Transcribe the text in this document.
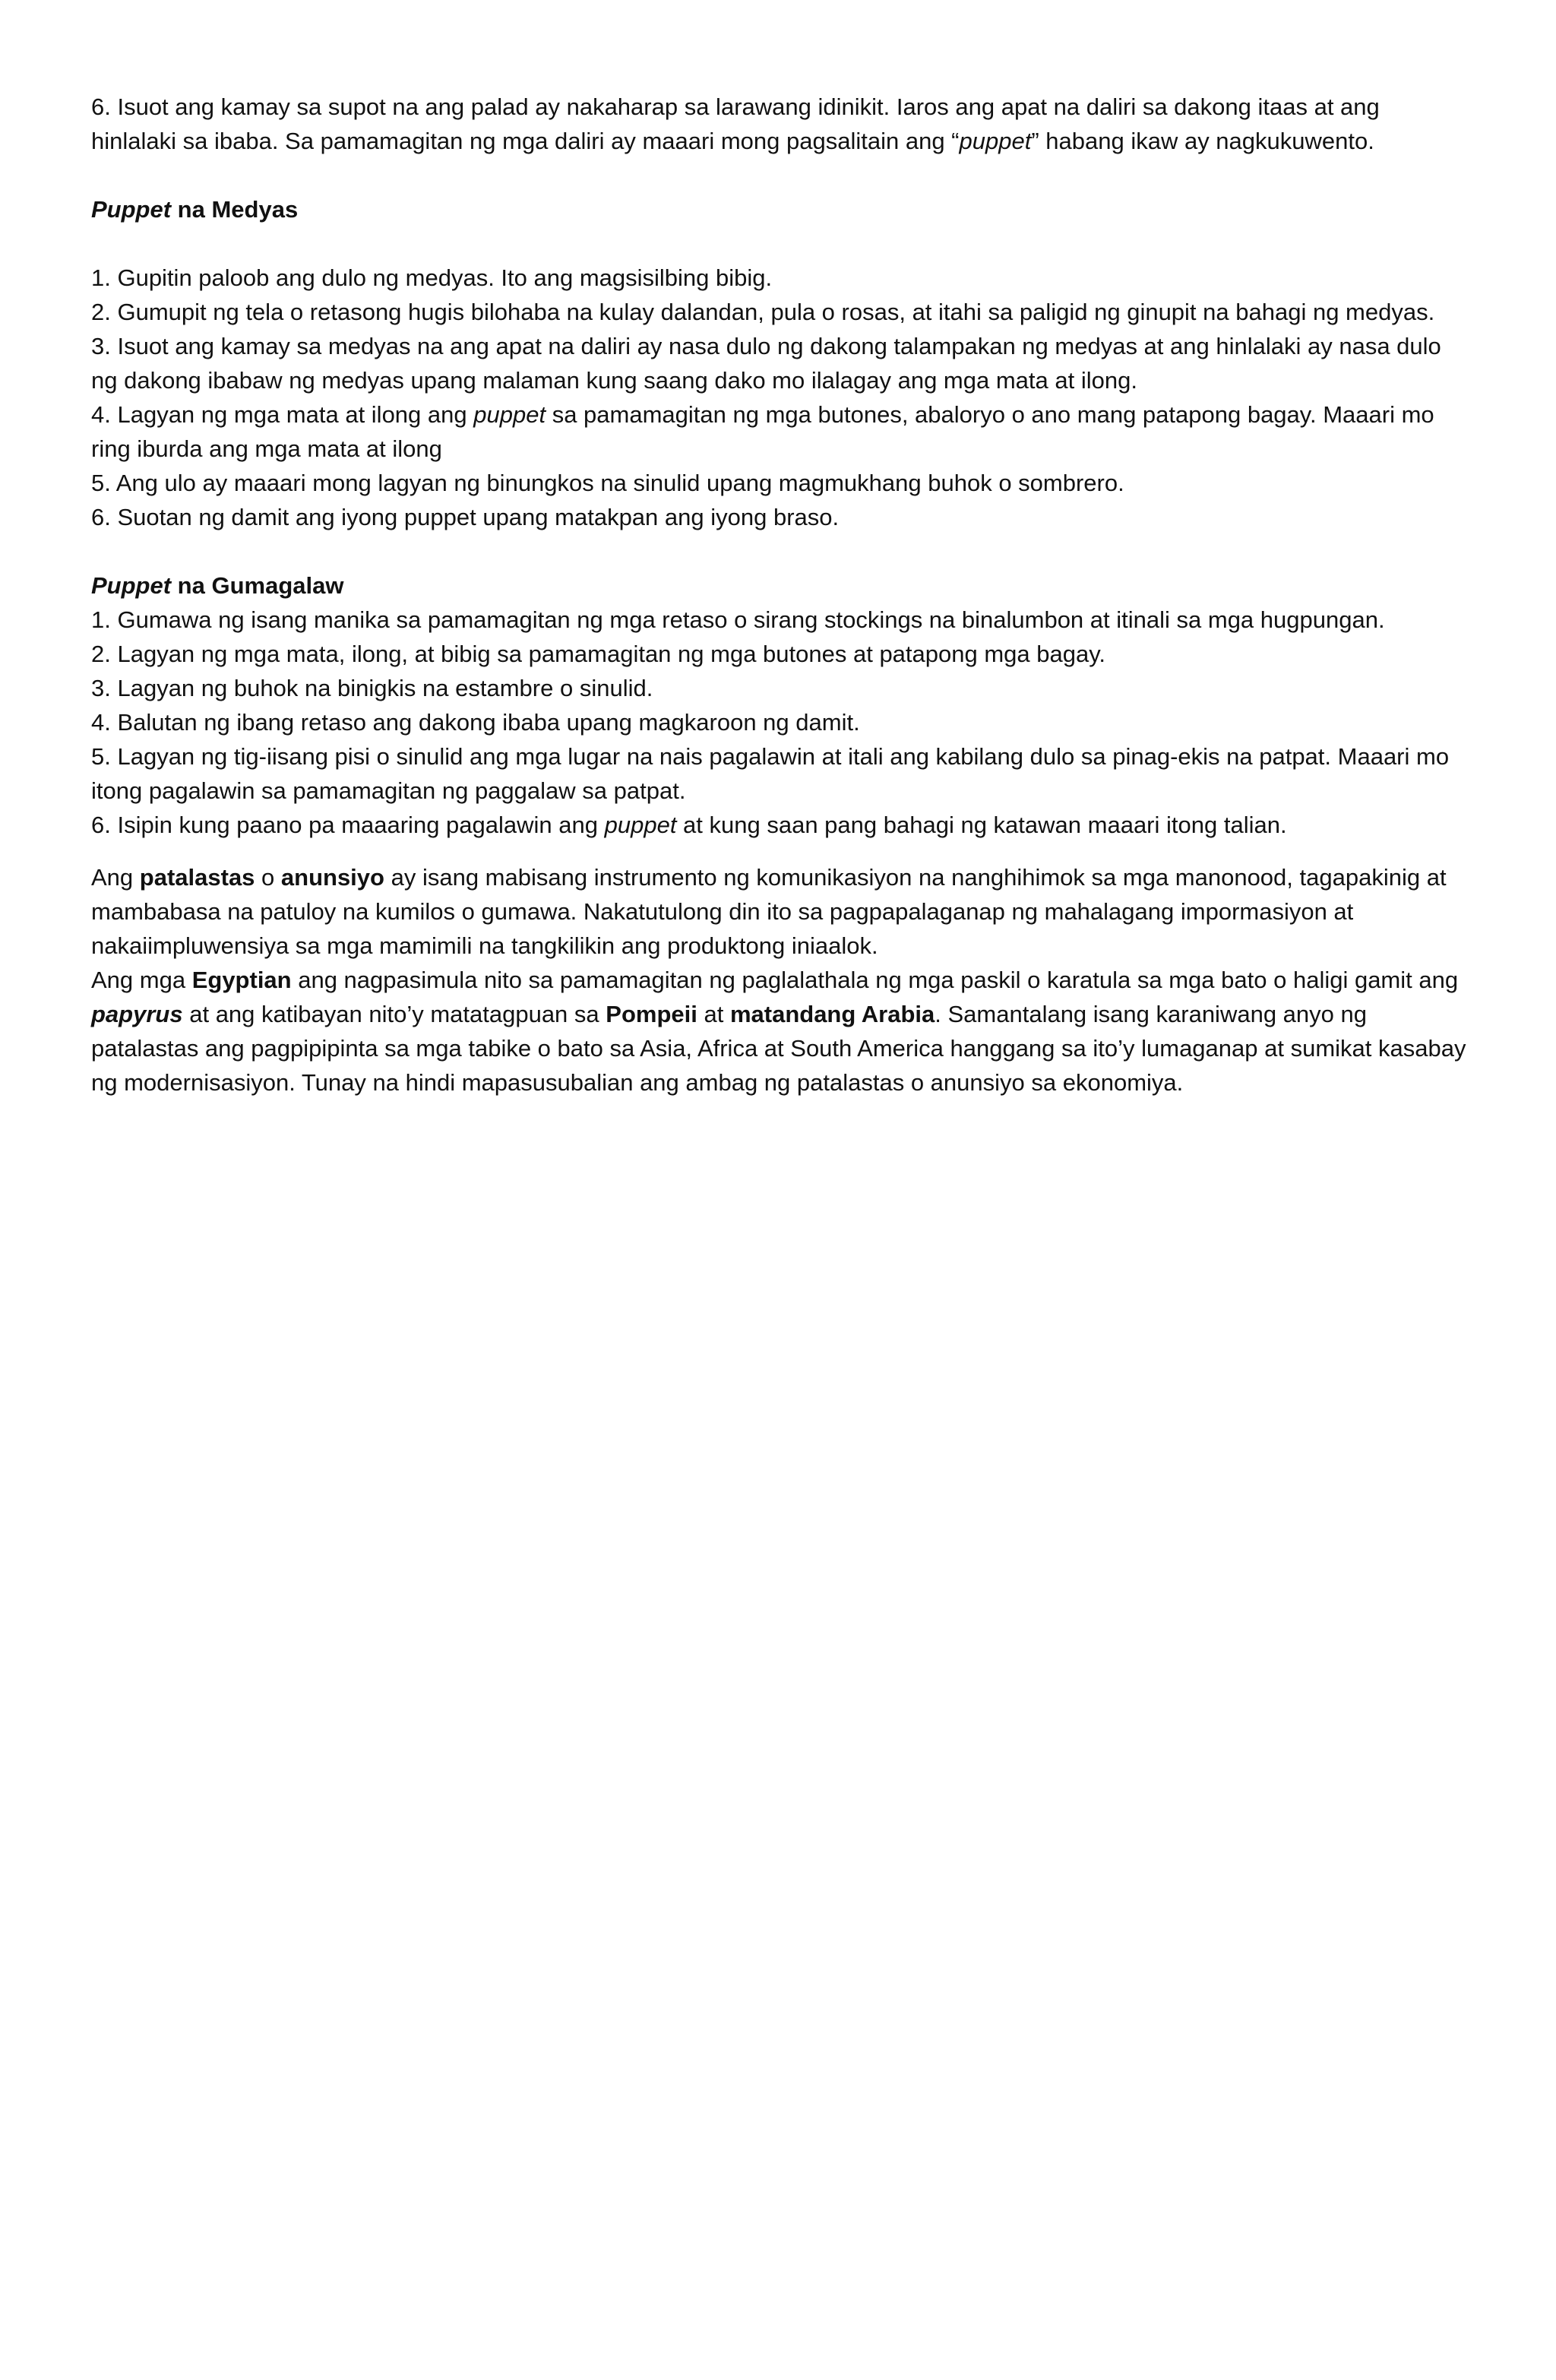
6. Isuot ang kamay sa supot na ang palad ay nakaharap sa larawang idinikit. Iaros ang apat na daliri sa dakong itaas at ang hinlalaki sa ibaba. Sa pamamagitan ng mga daliri ay maaari mong pagsalitain ang “puppet” habang ikaw ay nagkukuwento.

Puppet na Medyas

1. Gupitin paloob ang dulo ng medyas. Ito ang magsisilbing bibig.

2. Gumupit ng tela o retasong hugis bilohaba na kulay dalandan, pula o rosas, at itahi sa paligid ng ginupit na bahagi ng medyas.

3. Isuot ang kamay sa medyas na ang apat na daliri ay nasa dulo ng dakong talampakan ng medyas at ang hinlalaki ay nasa dulo ng dakong ibabaw ng medyas upang malaman kung saang dako mo ilalagay ang mga mata at ilong.

4. Lagyan ng mga mata at ilong ang puppet sa pamamagitan ng mga butones, abaloryo o ano mang patapong bagay. Maaari mo ring iburda ang mga mata at ilong

5. Ang ulo ay maaari mong lagyan ng binungkos na sinulid upang magmukhang buhok o sombrero.

6. Suotan ng damit ang iyong puppet upang matakpan ang iyong braso.

Puppet na Gumagalaw

1. Gumawa ng isang manika sa pamamagitan ng mga retaso o sirang stockings na binalumbon at itinali sa mga hugpungan.

2. Lagyan ng mga mata, ilong, at bibig sa pamamagitan ng mga butones at patapong mga bagay.

3. Lagyan ng buhok na binigkis na estambre o sinulid.

4. Balutan ng ibang retaso ang dakong ibaba upang magkaroon ng damit.

5. Lagyan ng tig-iisang pisi o sinulid ang mga lugar na nais pagalawin at itali ang kabilang dulo sa pinag-ekis na patpat. Maaari mo itong pagalawin sa pamamagitan ng paggalaw sa patpat.

6. Isipin kung paano pa maaaring pagalawin ang puppet at kung saan pang bahagi ng katawan maaari itong talian.

Ang patalastas o anunsiyo ay isang mabisang instrumento ng komunikasiyon na nanghihimok sa mga manonood, tagapakinig at mambabasa na patuloy na kumilos o gumawa. Nakatutulong din ito sa pagpapalaganap ng mahalagang impormasiyon at nakaiimpluwensiya sa mga mamimili na tangkilikin ang produktong iniaalok.

Ang mga Egyptian ang nagpasimula nito sa pamamagitan ng paglalathala ng mga paskil o karatula sa mga bato o haligi gamit ang papyrus at ang katibayan nito’y matatagpuan sa Pompeii at matandang Arabia. Samantalang isang karaniwang anyo ng patalastas ang pagpipipinta sa mga tabike o bato sa Asia, Africa at South America hanggang sa ito’y lumaganap at sumikat kasabay ng modernisasiyon. Tunay na hindi mapasusubalian ang ambag ng patalastas o anunsiyo sa ekonomiya.
